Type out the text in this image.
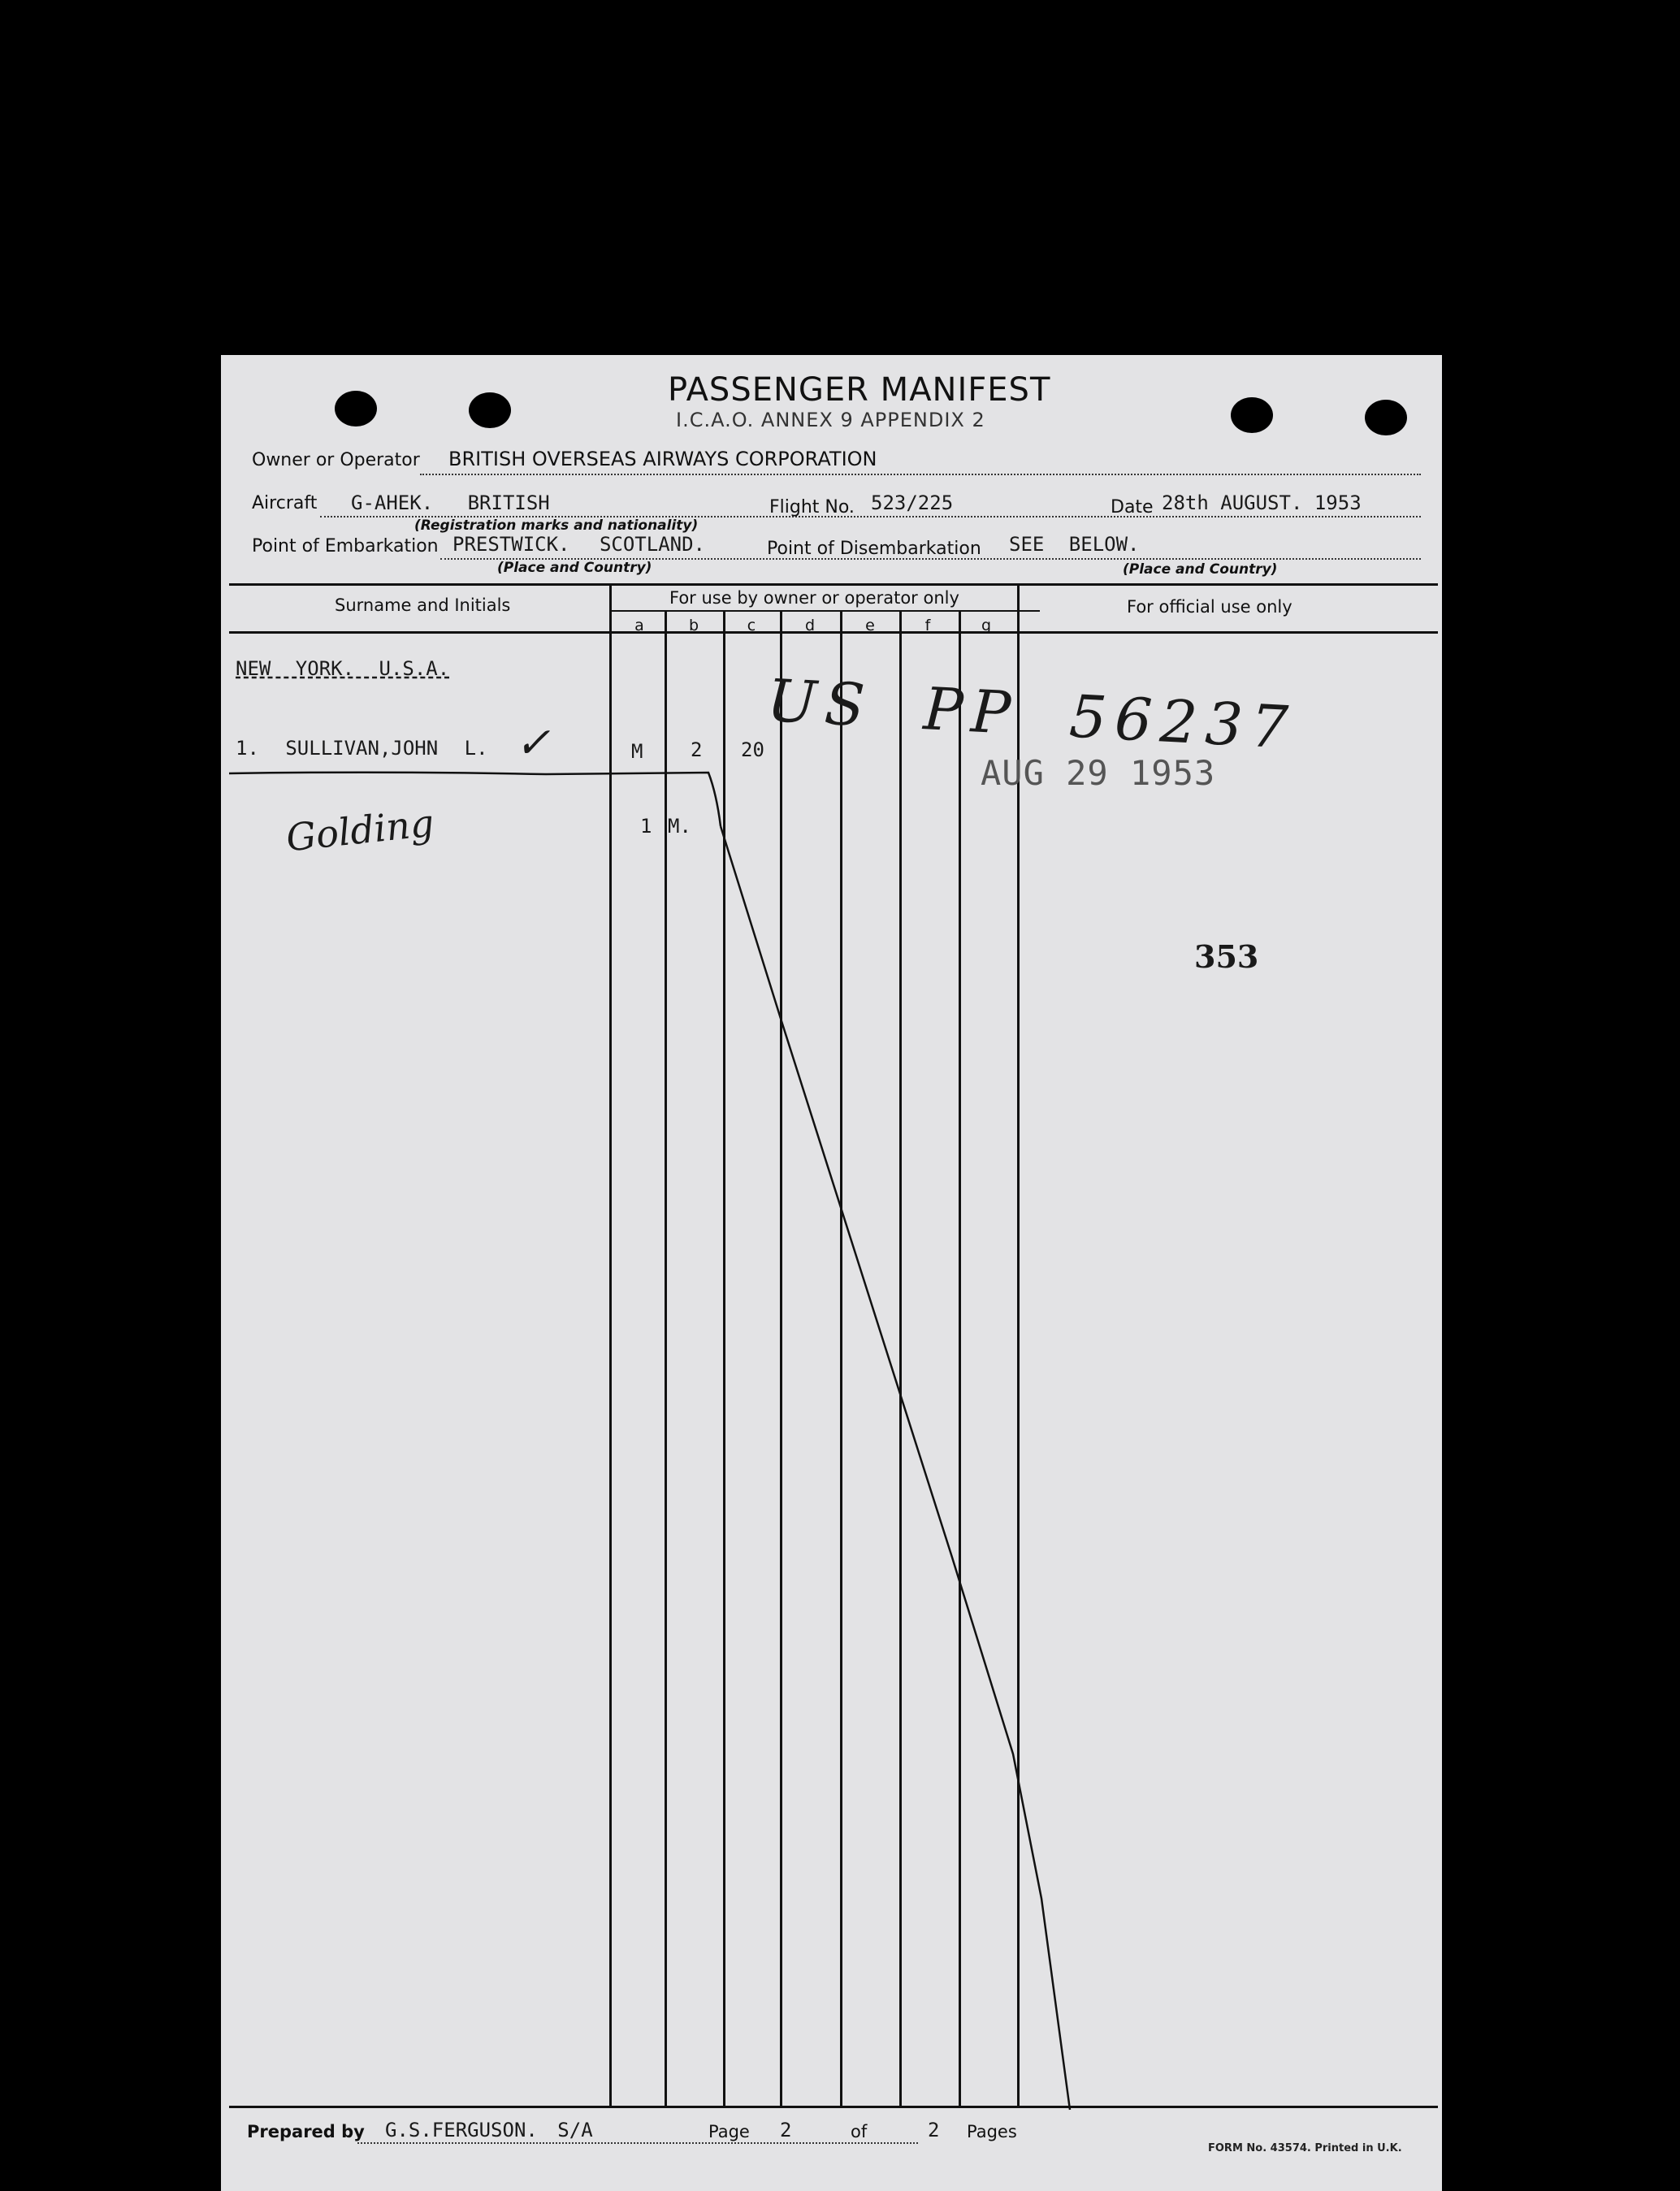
PASSENGER MANIFEST
I.C.A.O. ANNEX 9 APPENDIX 2
Owner or Operator BRITISH OVERSEAS AIRWAYS CORPORATION
Aircraft G-AHEK. BRITISH	Flight No. 523/225	Date 28th AUGUST. 1953
(Registration marks and nationality)
Point of Embarkation PRESTWICK. SCOTLAND.	Point of Disembarkation SEE BELOW.
(Place and Country)	(Place and Country)
Surname and Initials	For use by owner or operator only	For official use only
a	b	c	d	e	f	g
NEW YORK. U.S.A.
1. SULLIVAN,JOHN L. ✓	M 2 20 US PP 56237
AUG 29 1953
Golding	1 M.
353
Prepared by G.S.FERGUSON. S/A	Page 2	of	2 Pages
FORM No. 43574. Printed in U.K.
